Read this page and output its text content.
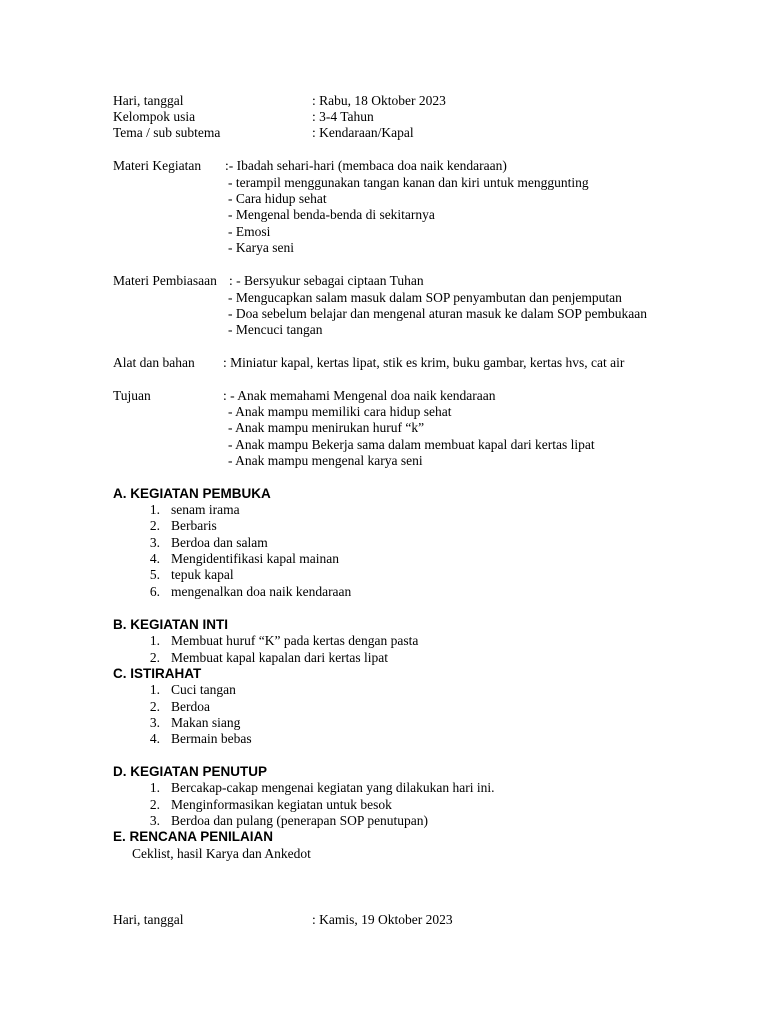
Hari, tanggal	: Rabu, 18 Oktober 2023
Kelompok usia	: 3-4 Tahun
Tema / sub subtema	: Kendaraan/Kapal
Materi Kegiatan :- Ibadah sehari-hari (membaca doa naik kendaraan)
- terampil menggunakan tangan kanan dan kiri untuk menggunting
- Cara hidup sehat
- Mengenal benda-benda di sekitarnya
- Emosi
- Karya seni
Materi Pembiasaan : - Bersyukur sebagai ciptaan Tuhan
- Mengucapkan salam masuk dalam SOP penyambutan dan penjemputan
- Doa sebelum belajar dan mengenal aturan masuk ke dalam SOP pembukaan
- Mencuci tangan
Alat dan bahan : Miniatur kapal, kertas lipat, stik es krim, buku gambar, kertas hvs, cat air
Tujuan	: - Anak memahami Mengenal doa naik kendaraan
- Anak mampu memiliki cara hidup sehat
- Anak mampu menirukan huruf “k”
- Anak mampu Bekerja sama dalam membuat kapal dari kertas lipat
- Anak mampu mengenal karya seni
A. KEGIATAN PEMBUKA
1. senam irama
2. Berbaris
3. Berdoa dan salam
4. Mengidentifikasi kapal mainan
5. tepuk kapal
6. mengenalkan doa naik kendaraan
B. KEGIATAN INTI
1. Membuat huruf “K” pada kertas dengan pasta
2. Membuat kapal kapalan dari kertas lipat
C. ISTIRAHAT
1. Cuci tangan
2. Berdoa
3. Makan siang
4. Bermain bebas
D. KEGIATAN PENUTUP
1. Bercakap-cakap mengenai kegiatan yang dilakukan hari ini.
2. Menginformasikan kegiatan untuk besok
3. Berdoa dan pulang (penerapan SOP penutupan)
E. RENCANA PENILAIAN
Ceklist, hasil Karya dan Ankedot
Hari, tanggal	: Kamis, 19 Oktober 2023
